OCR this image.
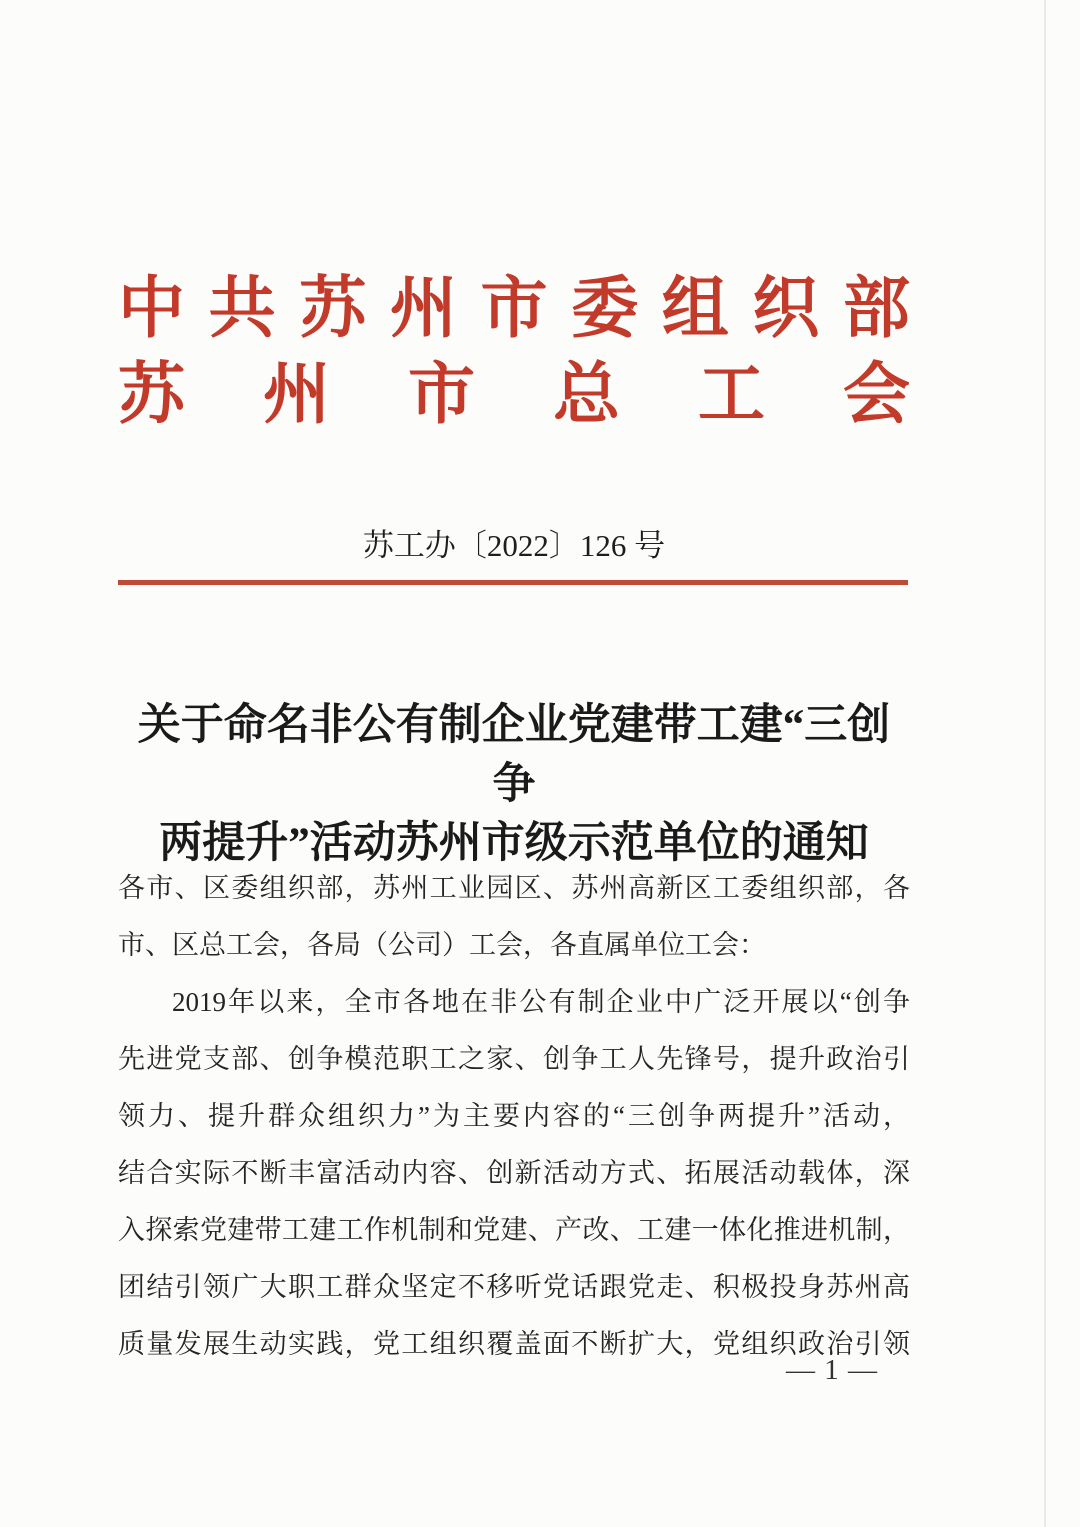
中共苏州市委组织部
苏州市总工会
苏工办〔2022〕126 号
关于命名非公有制企业党建带工建“三创争
两提升”活动苏州市级示范单位的通知
各市、区委组织部，苏州工业园区、苏州高新区工委组织部，各
市、区总工会，各局（公司）工会，各直属单位工会：
2019年以来，全市各地在非公有制企业中广泛开展以“创争
先进党支部、创争模范职工之家、创争工人先锋号，提升政治引
领力、提升群众组织力”为主要内容的“三创争两提升”活动，
结合实际不断丰富活动内容、创新活动方式、拓展活动载体，深
入探索党建带工建工作机制和党建、产改、工建一体化推进机制，
团结引领广大职工群众坚定不移听党话跟党走、积极投身苏州高
质量发展生动实践，党工组织覆盖面不断扩大，党组织政治引领
— 1 —
